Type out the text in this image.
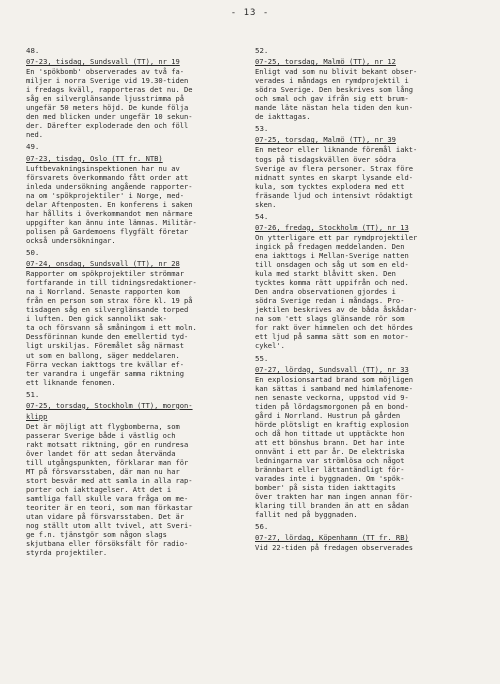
- 13 -
48.
07-23, tisdag, Sundsvall (TT), nr 19
En 'spökbomb' observerades av två fa-
miljer i norra Sverige vid 19.30-tiden
i fredags kväll, rapporteras det nu. De
såg en silverglänsande ljusstrimma på
ungefär 50 meters höjd. De kunde följa
den med blicken under ungefär 10 sekun-
der. Därefter exploderade den och föll
ned.
49.
07-23, tisdag, Oslo (TT fr. NTB)
Luftbevakningsinspektionen har nu av
försvarets överkommando fått order att
inleda undersökning angående rapporter-
na om 'spökprojektiler' i Norge, med-
delar Aftenposten. En konferens i saken
har hållits i överkommandot men närmare
uppgifter kan ännu inte lämnas. Militär-
polisen på Gardemoens flygfält företar
också undersökningar.
50.
07-24, onsdag, Sundsvall (TT), nr 28
Rapporter om spökprojektiler strömmar
fortfarande in till tidningsredaktioner-
na i Norrland. Senaste rapporten kom
från en person som strax före kl. 19 på
tisdagen såg en silverglänsande torped
i luften. Den gick sannolikt sak-
ta och försvann så småningom i ett moln.
Dessförinnan kunde den emellertid tyd-
ligt urskiljas. Föremålet såg närmast
ut som en ballong, säger meddelaren.
Förra veckan iakttogs tre kvällar ef-
ter varandra i ungefär samma riktning
ett liknande fenomen.
51.
07-25, torsdag, Stockholm (TT), morgon-
klipp
Det är möjligt att flygbomberna, som
passerar Sverige både i västlig och
rakt motsatt riktning, gör en rundresa
över landet för att sedan återvända
till utgångspunkten, förklarar man för
MT på försvarsstaben, där man nu har
stort besvär med att samla in alla rap-
porter och iakttagelser. Att det i
samtliga fall skulle vara fråga om me-
teoriter är en teori, som man förkastar
utan vidare på försvarsstaben. Det är
nog ställt utom allt tvivel, att Sveri-
ge f.n. tjänstgör som någon slags
skjutbana eller försöksfält för radio-
styrda projektiler.
52.
07-25, torsdag, Malmö (TT), nr 12
Enligt vad som nu blivit bekant obser-
verades i måndags en rymdprojektil i
södra Sverige. Den beskrives som lång
och smal och gav ifrån sig ett brum-
mande läte nästan hela tiden den kun-
de iakttagas.
53.
07-25, torsdag, Malmö (TT), nr 39
En meteor eller liknande föremål iakt-
togs på tisdagskvällen över södra
Sverige av flera personer. Strax före
midnatt syntes en skarpt lysande eld-
kula, som tycktes explodera med ett
fräsande ljud och intensivt rödaktigt
sken.
54.
07-26, fredag, Stockholm (TT), nr 13
On ytterligare ett par rymdprojektiler
ingick på fredagen meddelanden. Den
ena iakttogs i Mellan-Sverige natten
till onsdagen och såg ut som en eld-
kula med starkt blåvitt sken. Den
tycktes komma rätt uppifrån och ned.
Den andra observationen gjordes i
södra Sverige redan i måndags. Pro-
jektilen beskrives av de båda åskådar-
na som 'ett slags glänsande rör som
for rakt över himmelen och det hördes
ett ljud på samma sätt som en motor-
cykel'.
55.
07-27, lördag, Sundsvall (TT), nr 33
En explosionsartad brand som möjligen
kan sättas i samband med himlafenome-
nen senaste veckorna, uppstod vid 9-
tiden på lördagsmorgonen på en bond-
gård i Norrland. Hustrun på gården
hörde plötsligt en kraftig explosion
och då hon tittade ut upptäckte hon
att ett bönshus brann. Det har inte
onnvänt i ett par år. De elektriska
ledningarna var strömlösa och något
brännbart eller lättantändligt för-
varades inte i byggnaden. Om 'spök-
bomber' på sista tiden iakttagits
över trakten har man ingen annan för-
klaring till branden än att en sådan
fallit ned på byggnaden.
56.
07-27, lördag, Köpenhamn (TT fr. RB)
Vid 22-tiden på fredagen observerades
